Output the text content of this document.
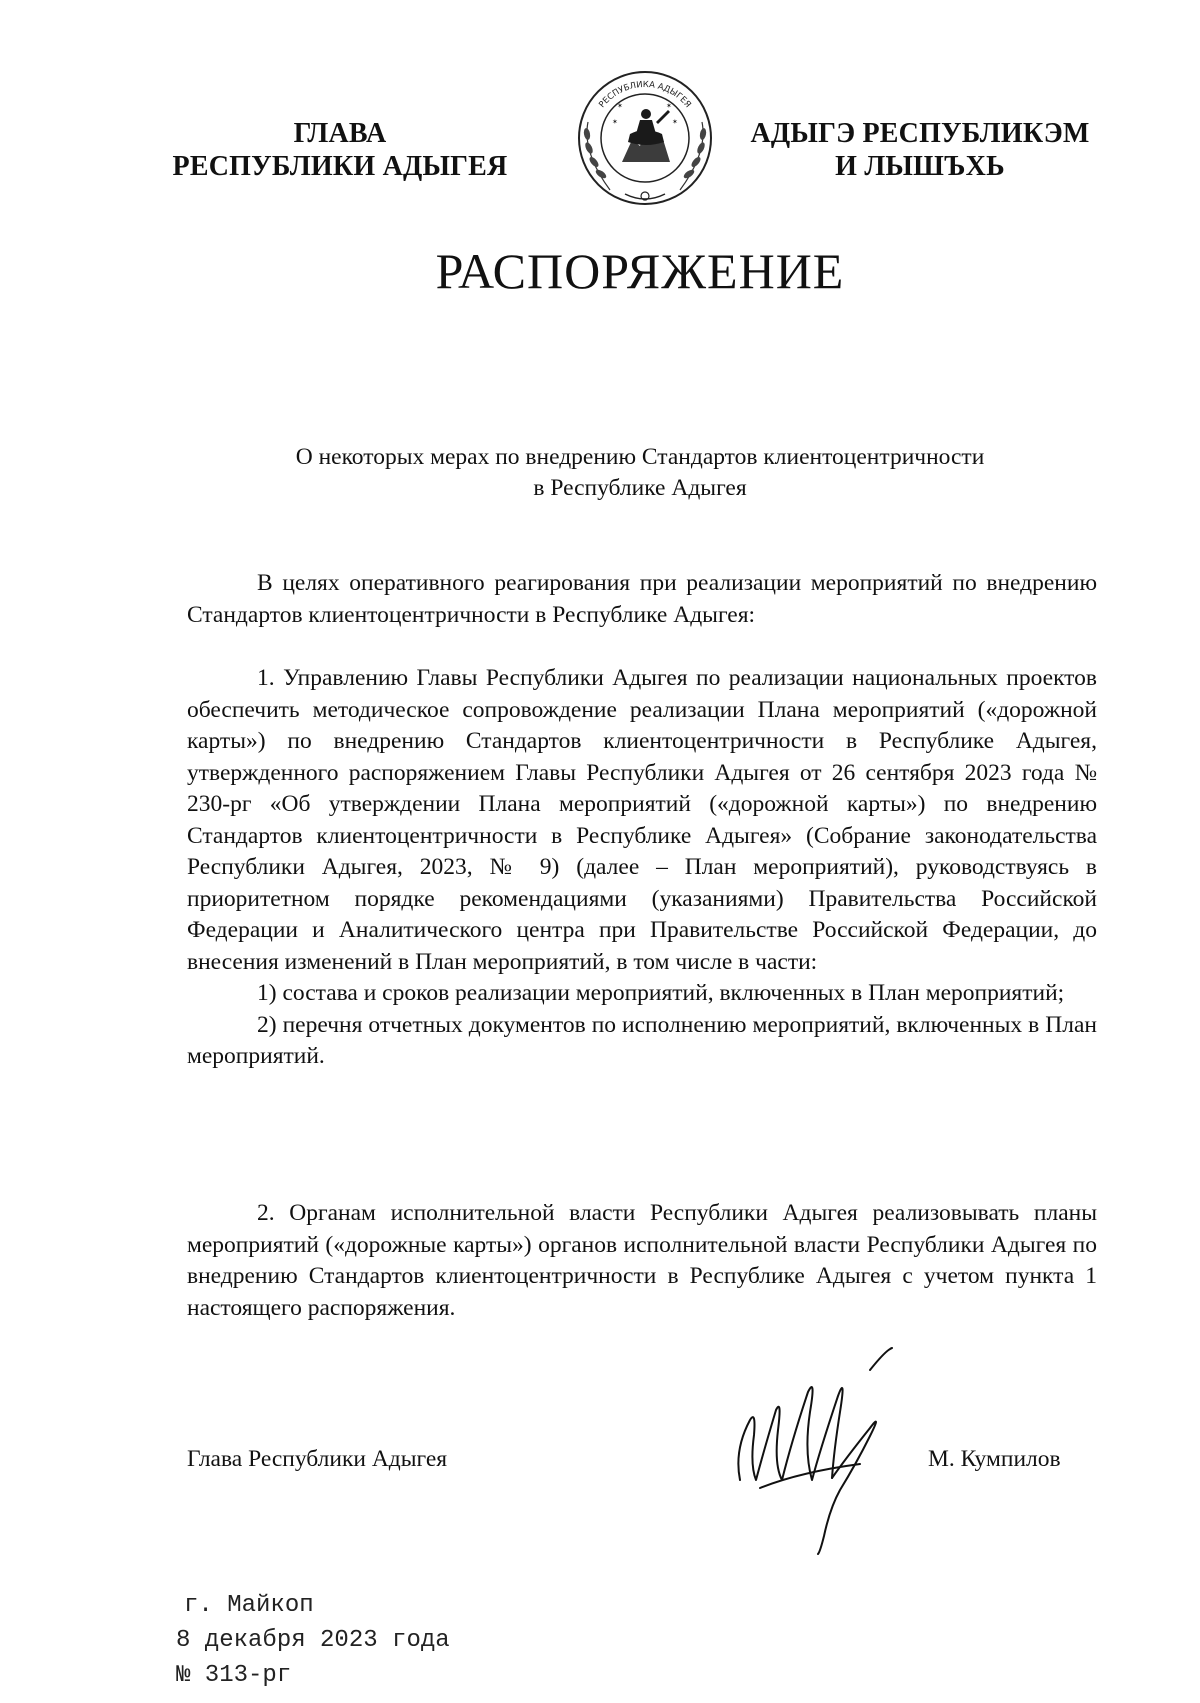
ГЛАВА
РЕСПУБЛИКИ АДЫГЕЯ
РЕСПУБЛИКА АДЫГЕЯ
✶	✶
✶	✶	АДЫГЭ РЕСПУБЛИКЭМ
И ЛЫШЪХЬ
РАСПОРЯЖЕНИЕ
О некоторых мерах по внедрению Стандартов клиентоцентричности
в Республике Адыгея

В целях оперативного реагирования при реализации мероприятий по внедрению Стандартов клиентоцентричности в Республике Адыгея:

1. Управлению Главы Республики Адыгея по реализации национальных проектов обеспечить методическое сопровождение реализации Плана мероприятий («дорожной карты») по внедрению Стандартов клиентоцентричности в Республике Адыгея, утвержденного распоряжением Главы Республики Адыгея от 26 сентября 2023 года № 230-рг «Об утверждении Плана мероприятий («дорожной карты») по внедрению Стандартов клиентоцентричности в Республике Адыгея» (Собрание законодательства Республики Адыгея, 2023, № 9) (далее – План мероприятий), руководствуясь в приоритетном порядке рекомендациями (указаниями) Правительства Российской Федерации и Аналитического центра при Правительстве Российской Федерации, до внесения изменений в План мероприятий, в том числе в части:

1) состава и сроков реализации мероприятий, включенных в План мероприятий;

2) перечня отчетных документов по исполнению мероприятий, включенных в План мероприятий.

2. Органам исполнительной власти Республики Адыгея реализовывать планы мероприятий («дорожные карты») органов исполнительной власти Республики Адыгея по внедрению Стандартов клиентоцентричности в Республике Адыгея с учетом пункта 1 настоящего распоряжения.

Глава Республики Адыгея	М. Кумпилов
г. Майкоп
8 декабря 2023 года
№ 313-рг
